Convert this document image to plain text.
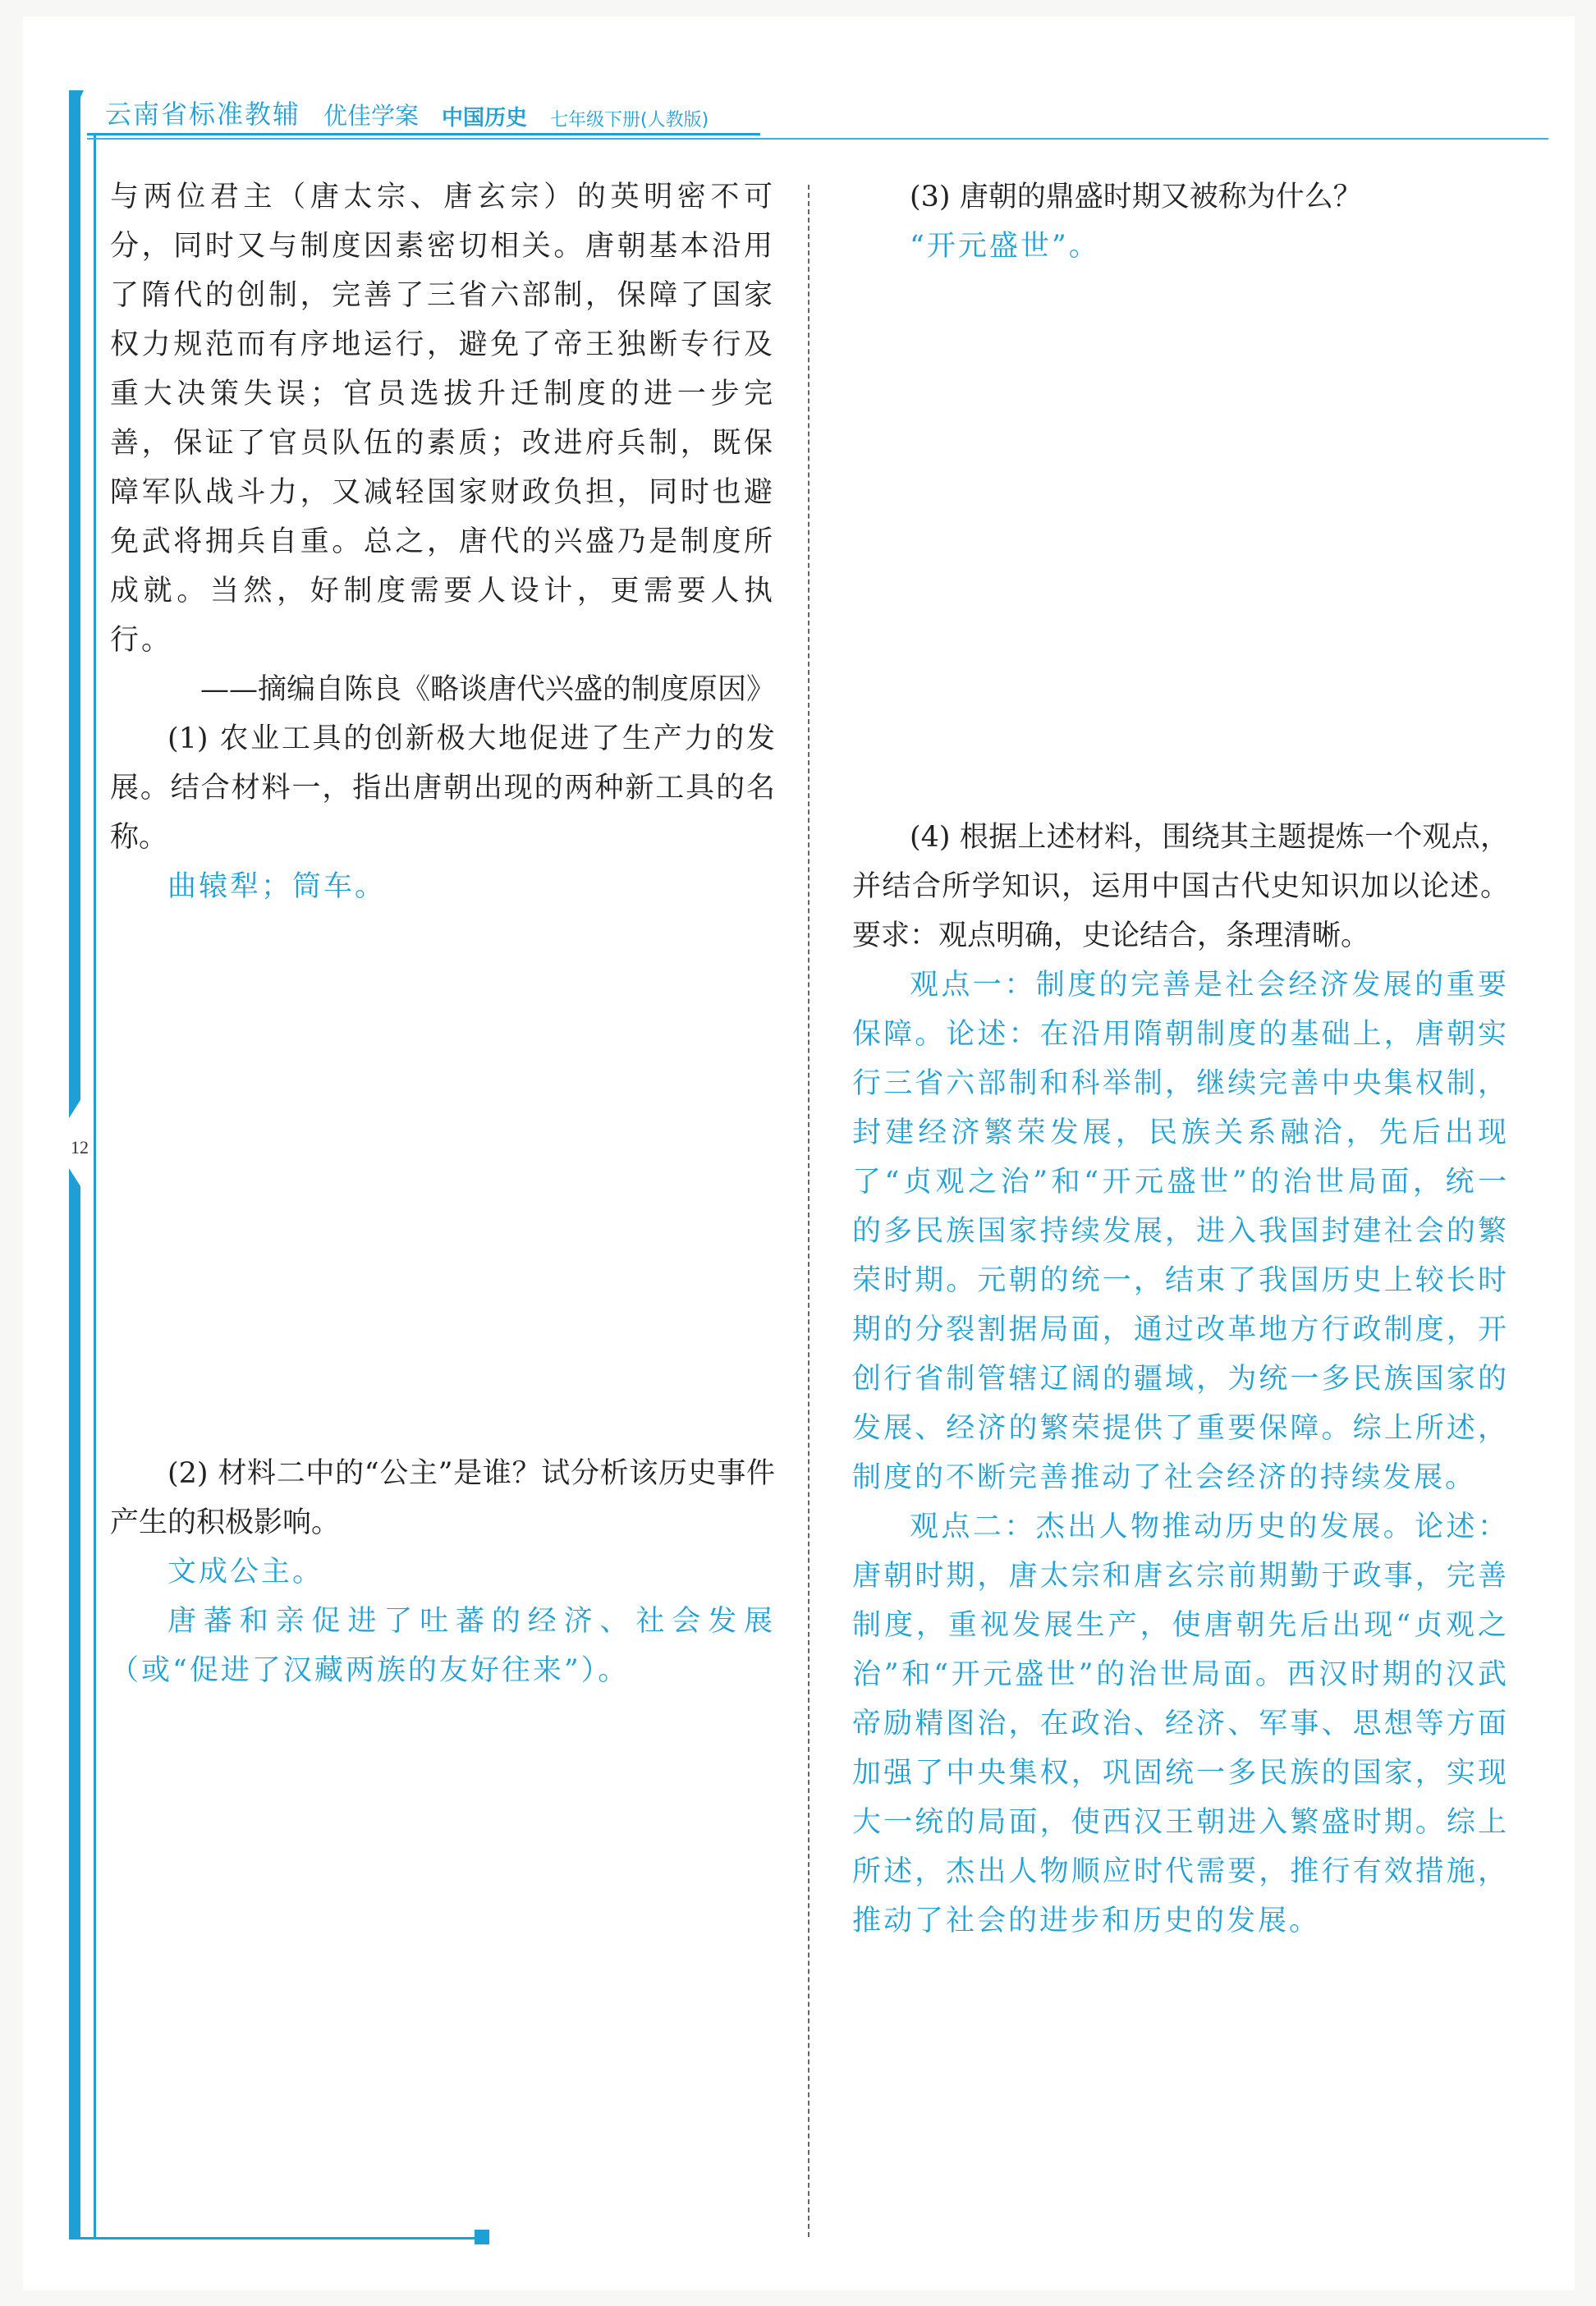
12
云南省标准教辅 优佳学案 中国历史 七年级下册(人教版)

与两位君主（唐太宗、唐玄宗）的英明密不可分，同时又与制度因素密切相关。唐朝基本沿用了隋代的创制，完善了三省六部制，保障了国家权力规范而有序地运行，避免了帝王独断专行及重大决策失误；官员选拔升迁制度的进一步完善，保证了官员队伍的素质；改进府兵制，既保障军队战斗力，又减轻国家财政负担，同时也避免武将拥兵自重。总之，唐代的兴盛乃是制度所成就。当然，好制度需要人设计，更需要人执行。

——摘编自陈良《略谈唐代兴盛的制度原因》

(1) 农业工具的创新极大地促进了生产力的发展。结合材料一，指出唐朝出现的两种新工具的名称。

曲辕犁；筒车。

(2) 材料二中的“公主”是谁？试分析该历史事件产生的积极影响。

文成公主。

唐蕃和亲促进了吐蕃的经济、社会发展（或“促进了汉藏两族的友好往来”）。

(3) 唐朝的鼎盛时期又被称为什么？

“开元盛世”。

(4) 根据上述材料，围绕其主题提炼一个观点，并结合所学知识，运用中国古代史知识加以论述。要求：观点明确，史论结合，条理清晰。

观点一：制度的完善是社会经济发展的重要保障。论述：在沿用隋朝制度的基础上，唐朝实行三省六部制和科举制，继续完善中央集权制，封建经济繁荣发展，民族关系融洽，先后出现了“贞观之治”和“开元盛世”的治世局面，统一的多民族国家持续发展，进入我国封建社会的繁荣时期。元朝的统一，结束了我国历史上较长时期的分裂割据局面，通过改革地方行政制度，开创行省制管辖辽阔的疆域，为统一多民族国家的发展、经济的繁荣提供了重要保障。综上所述，制度的不断完善推动了社会经济的持续发展。

观点二：杰出人物推动历史的发展。论述：唐朝时期，唐太宗和唐玄宗前期勤于政事，完善制度，重视发展生产，使唐朝先后出现“贞观之治”和“开元盛世”的治世局面。西汉时期的汉武帝励精图治，在政治、经济、军事、思想等方面加强了中央集权，巩固统一多民族的国家，实现大一统的局面，使西汉王朝进入繁盛时期。综上所述，杰出人物顺应时代需要，推行有效措施，推动了社会的进步和历史的发展。
